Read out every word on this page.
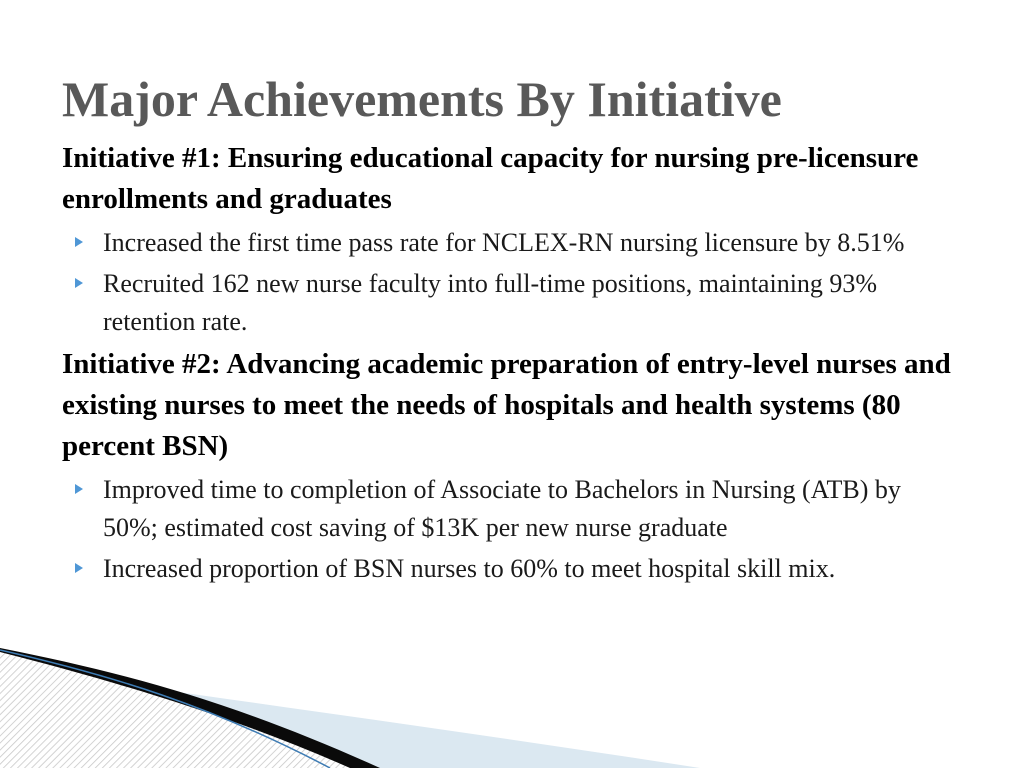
Major Achievements By Initiative

Initiative #1: Ensuring educational capacity for nursing pre-licensure enrollments and graduates

Increased the first time pass rate for NCLEX-RN nursing licensure by 8.51%
Recruited 162 new nurse faculty into full-time positions, maintaining 93% retention rate.

Initiative #2: Advancing academic preparation of entry-level nurses and existing nurses to meet the needs of hospitals and health systems (80 percent BSN)

Improved time to completion of Associate to Bachelors in Nursing (ATB) by 50%; estimated cost saving of $13K per new nurse graduate
Increased proportion of BSN nurses to 60% to meet hospital skill mix.
